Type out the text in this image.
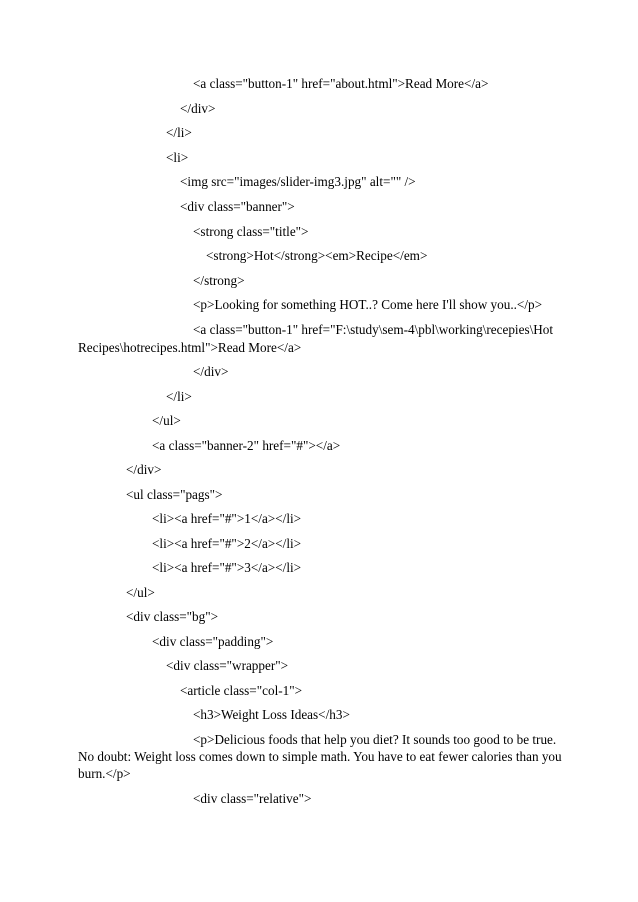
<a class="button-1" href="about.html">Read More</a>
</div>
</li>
<li>
<img src="images/slider-img3.jpg" alt="" />
<div class="banner">
<strong class="title">
<strong>Hot</strong><em>Recipe</em>
</strong>
<p>Looking for something HOT..? Come here I'll show you..</p>
<a class="button-1" href="F:\study\sem-4\pbl\working\recepies\Hot
Recipes\hotrecipes.html">Read More</a>
</div>
</li>
</ul>
<a class="banner-2" href="#"></a>
</div>
<ul class="pags">
<li><a href="#">1</a></li>
<li><a href="#">2</a></li>
<li><a href="#">3</a></li>
</ul>
<div class="bg">
<div class="padding">
<div class="wrapper">
<article class="col-1">
<h3>Weight Loss Ideas</h3>
<p>Delicious foods that help you diet? It sounds too good to be true.
No doubt: Weight loss comes down to simple math. You have to eat fewer calories than you
burn.</p>
<div class="relative">
